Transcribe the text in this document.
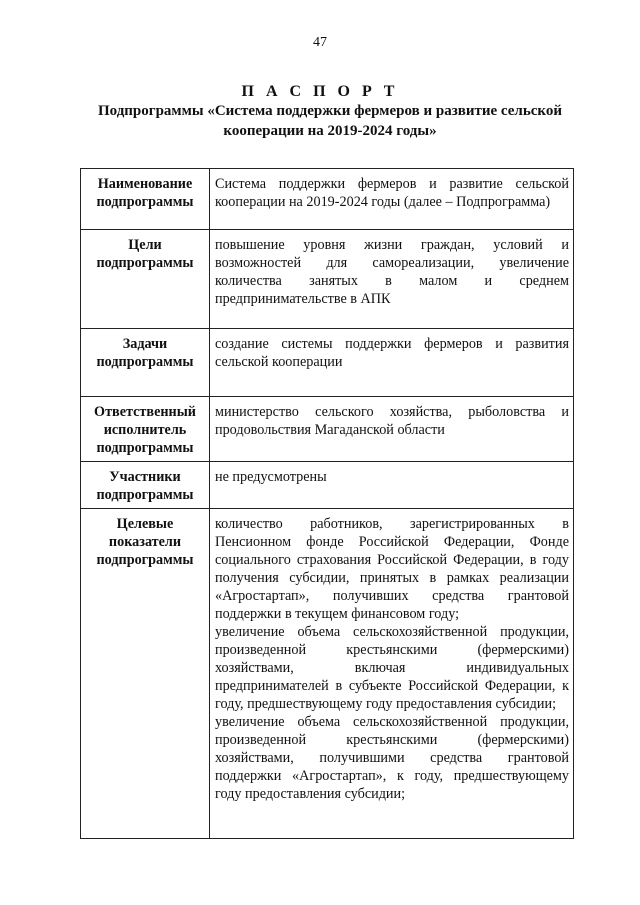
47
П А С П О Р Т
Подпрограммы «Система поддержки фермеров и развитие сельской кооперации на 2019-2024 годы»
Наименование подпрограммы	Система поддержки фермеров и развитие сельской кооперации на 2019-2024 годы (далее – Подпрограмма)

Цели подпрограммы	повышение уровня жизни граждан, условий и возможностей для самореализации, увеличение количества занятых в малом и среднем предпринимательстве в АПК

Задачи подпрограммы	создание системы поддержки фермеров и развития сельской кооперации

Ответственный исполнитель подпрограммы	министерство сельского хозяйства, рыболовства и продовольствия Магаданской области

Участники подпрограммы	не предусмотрены

Целевые показатели подпрограммы	количество работников, зарегистрированных в Пенсионном фонде Российской Федерации, Фонде социального страхования Российской Федерации, в году получения субсидии, принятых в рамках реализации «Агростартап», получивших средства грантовой поддержки в текущем финансовом году;
увеличение объема сельскохозяйственной продукции, произведенной крестьянскими (фермерскими) хозяйствами, включая индивидуальных предпринимателей в субъекте Российской Федерации, к году, предшествующему году предоставления субсидии;
увеличение объема сельскохозяйственной продукции, произведенной крестьянскими (фермерскими) хозяйствами, получившими средства грантовой поддержки «Агростартап», к году, предшествующему году предоставления субсидии;
